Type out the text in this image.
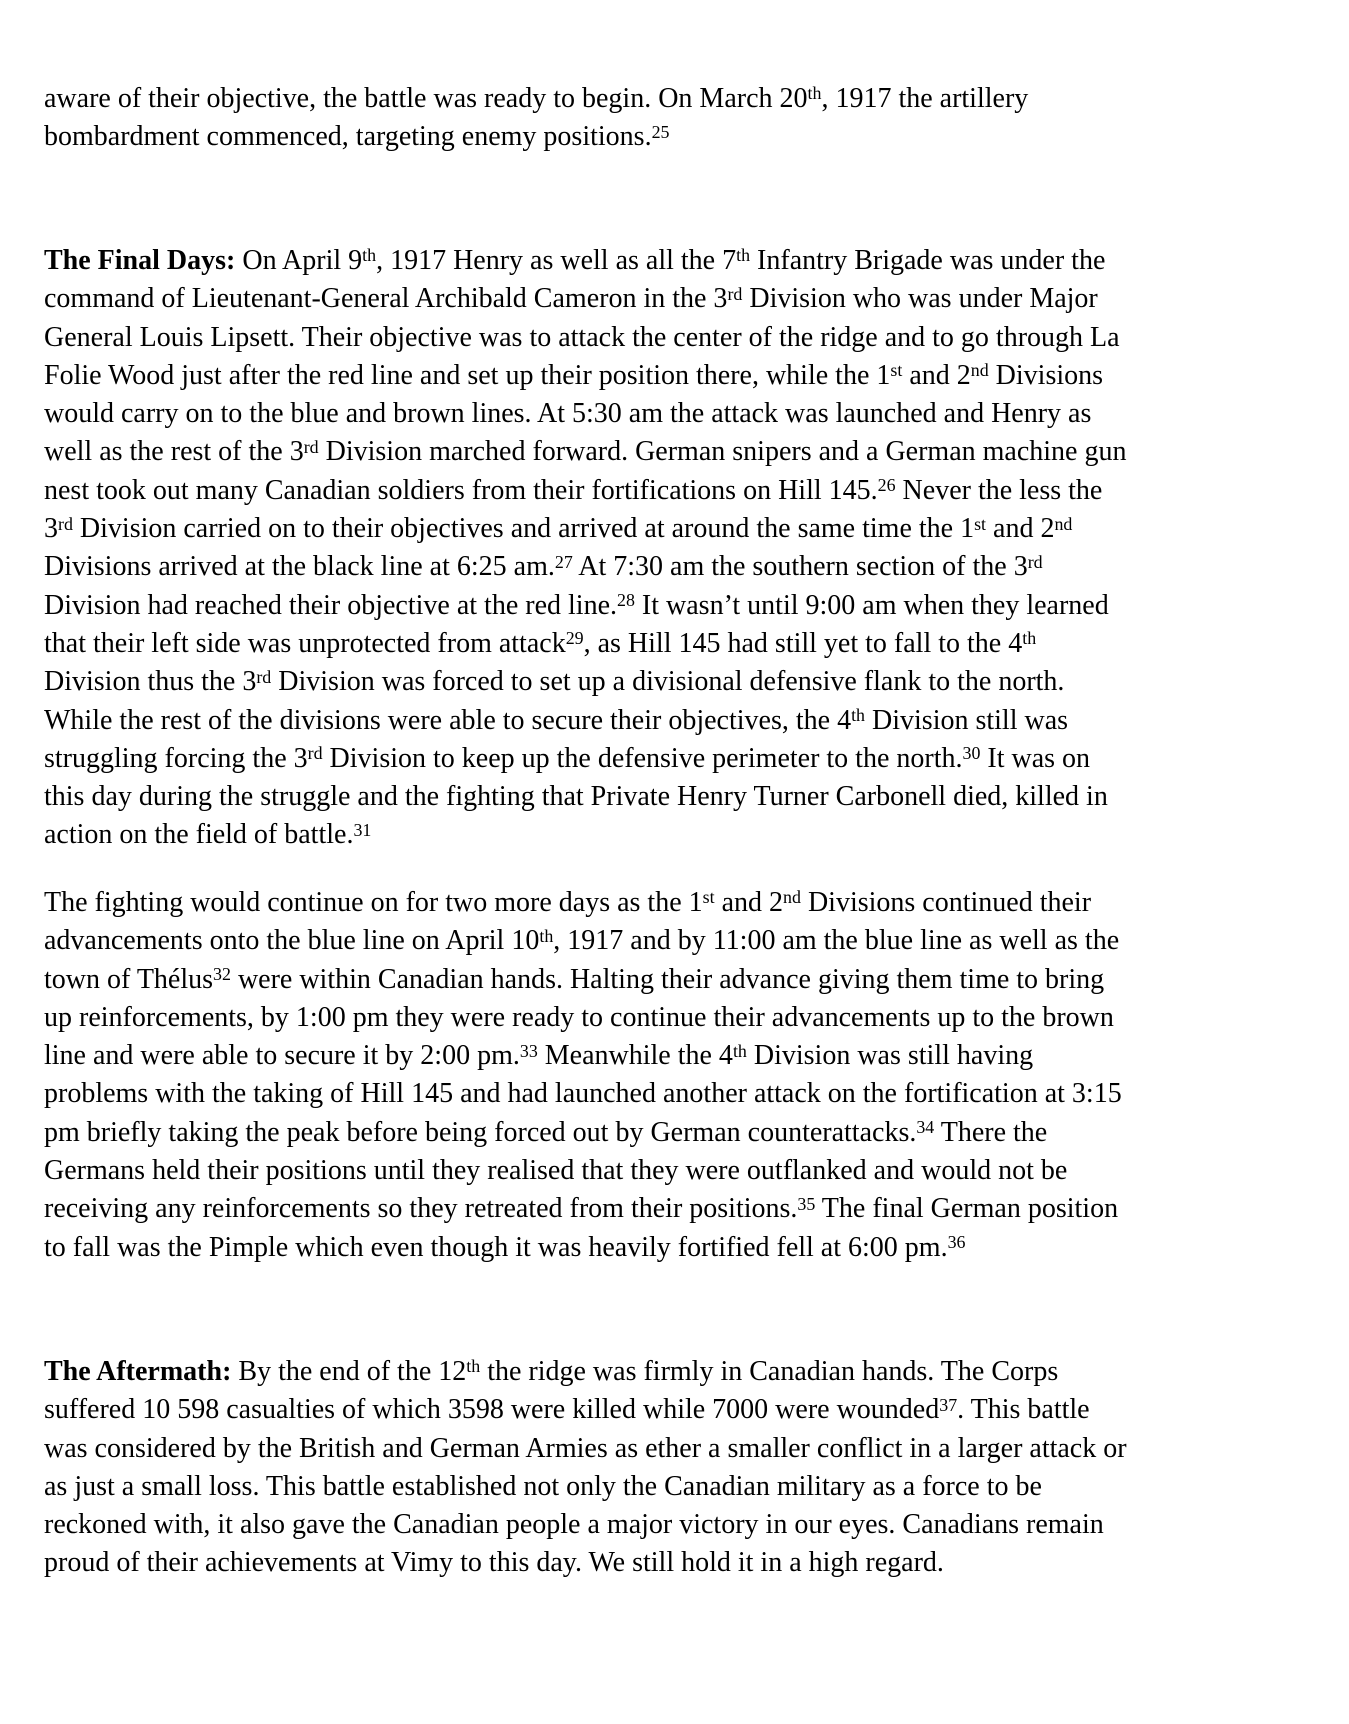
aware of their objective, the battle was ready to begin. On March 20th, 1917 the artillery
bombardment commenced, targeting enemy positions.$^{25}$
The Final Days: On April 9th, 1917 Henry as well as all the 7th Infantry Brigade was under the
command of Lieutenant-General Archibald Cameron in the 3rd Division who was under Major
General Louis Lipsett. Their objective was to attack the center of the ridge and to go through La
Folie Wood just after the red line and set up their position there, while the 1st and 2nd Divisions
would carry on to the blue and brown lines. At 5:30 am the attack was launched and Henry as
well as the rest of the 3rd Division marched forward. German snipers and a German machine gun
nest took out many Canadian soldiers from their fortifications on Hill 145.26 Never the less the
3rd Division carried on to their objectives and arrived at around the same time the 1st and 2nd
Divisions arrived at the black line at 6:25 am.$^{27}$ At 7:30 am the southern section of the 3rd
Division had reached their objective at the red line.$^{28}$ It wasn’t until 9:00 am when they learned
that their left side was unprotected from attack$^{29}$, as Hill 145 had still yet to fall to the 4th
Division thus the 3rd Division was forced to set up a divisional defensive flank to the north.
While the rest of the divisions were able to secure their objectives, the 4th Division still was
struggling forcing the 3rd Division to keep up the defensive perimeter to the north.$^{30}$ It was on
this day during the struggle and the fighting that Private Henry Turner Carbonell died, killed in
action on the field of battle.$^{31}$
The fighting would continue on for two more days as the 1st and 2nd Divisions continued their
advancements onto the blue line on April 10th, 1917 and by 11:00 am the blue line as well as the
town of Thélus$^{32}$ were within Canadian hands. Halting their advance giving them time to bring
up reinforcements, by 1:00 pm they were ready to continue their advancements up to the brown
line and were able to secure it by 2:00 pm.$^{33}$ Meanwhile the 4th Division was still having
problems with the taking of Hill 145 and had launched another attack on the fortification at 3:15
pm briefly taking the peak before being forced out by German counterattacks.$^{34}$ There the
Germans held their positions until they realised that they were outflanked and would not be
receiving any reinforcements so they retreated from their positions.$^{35}$ The final German position
to fall was the Pimple which even though it was heavily fortified fell at 6:00 pm.$^{36}$
The Aftermath: By the end of the 12th the ridge was firmly in Canadian hands. The Corps
suffered 10 598 casualties of which 3598 were killed while 7000 were wounded$^{37}$. This battle
was considered by the British and German Armies as ether a smaller conflict in a larger attack or
as just a small loss. This battle established not only the Canadian military as a force to be
reckoned with, it also gave the Canadian people a major victory in our eyes. Canadians remain
proud of their achievements at Vimy to this day. We still hold it in a high regard.
